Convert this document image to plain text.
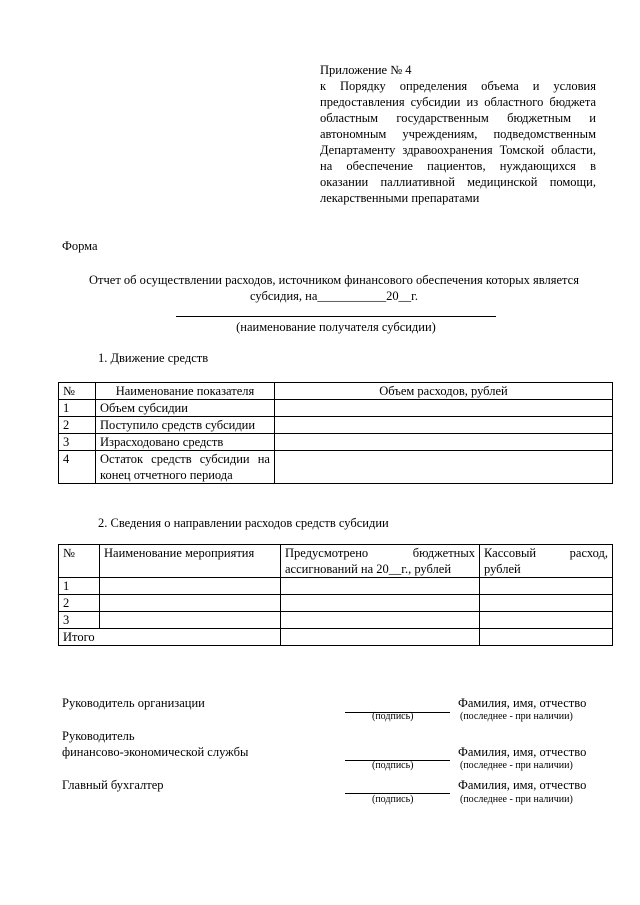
Приложение № 4
к Порядку определения объема и условия предоставления субсидии из областного бюджета областным государственным бюджетным и автономным учреждениям, подведомственным Департаменту здравоохранения Томской области, на обеспечение пациентов, нуждающихся в оказании паллиативной медицинской помощи, лекарственными препаратами
Форма
Отчет об осуществлении расходов, источником финансового обеспечения которых является субсидия, на___________20__г.
(наименование получателя субсидии)
1. Движение средств
№	Наименование показателя	Объем расходов, рублей
1	Объем субсидии	
2	Поступило средств субсидии	
3	Израсходовано средств	
4	Остаток средств субсидии на конец отчетного периода	
2. Сведения о направлении расходов средств субсидии
№	Наименование мероприятия	Предусмотрено бюджетных ассигнований на 20__г., рублей	Кассовый расход, рублей
1			
2			
3			
Итого			
Руководитель организации
(подпись)
Фамилия, имя, отчество
(последнее - при наличии)
Руководитель
финансово-экономической службы
(подпись)
Фамилия, имя, отчество
(последнее - при наличии)
Главный бухгалтер
(подпись)
Фамилия, имя, отчество
(последнее - при наличии)
